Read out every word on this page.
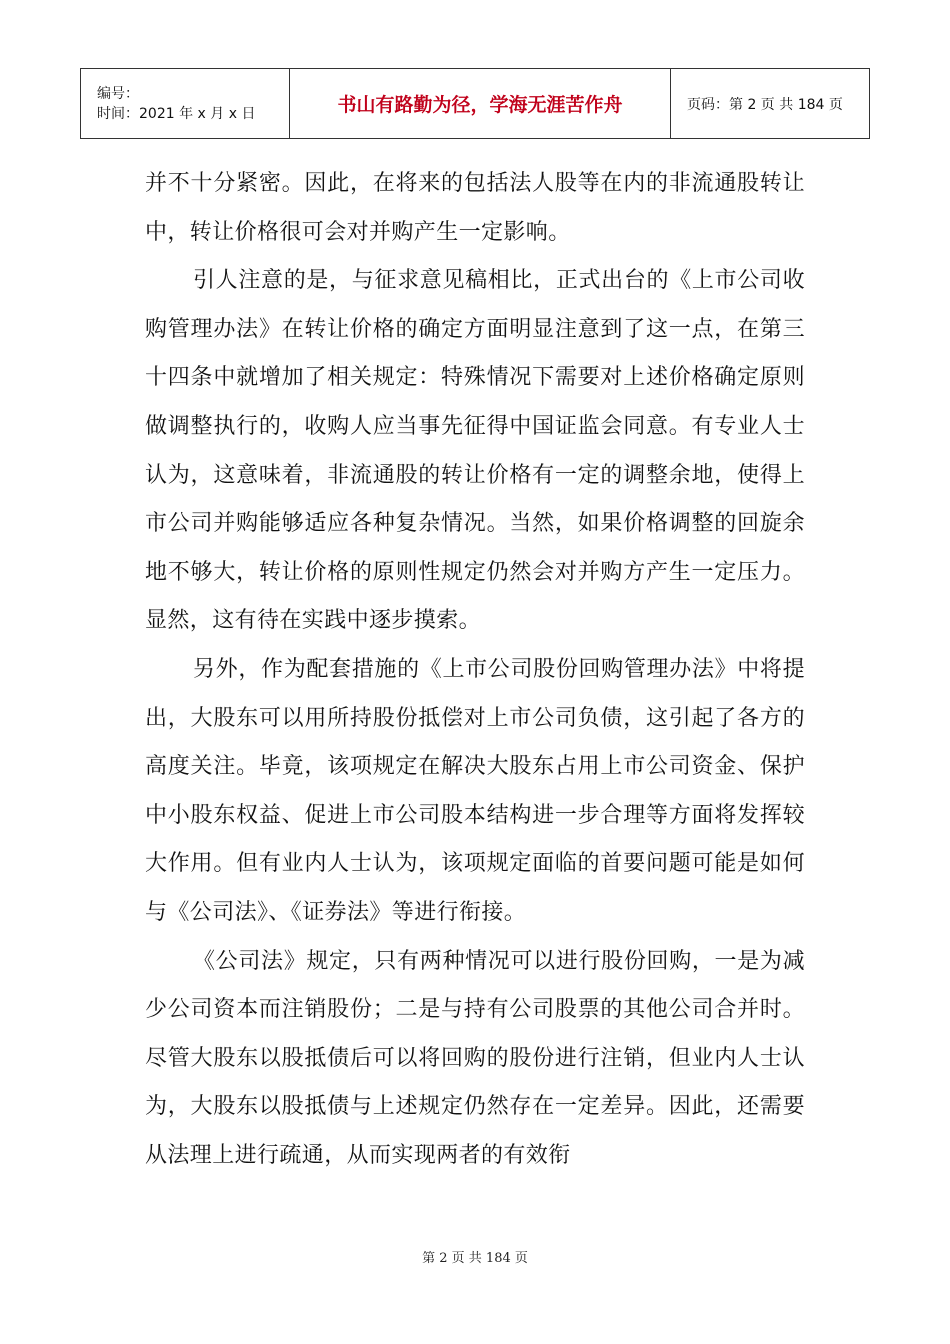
编号：
时间：2021 年 x 月 x 日	书山有路勤为径，学海无涯苦作舟	页码：第 2 页 共 184 页

并不十分紧密。因此，在将来的包括法人股等在内的非流通股转让中，转让价格很可会对并购产生一定影响。

引人注意的是，与征求意见稿相比，正式出台的《上市公司收购管理办法》在转让价格的确定方面明显注意到了这一点，在第三十四条中就增加了相关规定：特殊情况下需要对上述价格确定原则做调整执行的，收购人应当事先征得中国证监会同意。有专业人士认为，这意味着，非流通股的转让价格有一定的调整余地，使得上市公司并购能够适应各种复杂情况。当然，如果价格调整的回旋余地不够大，转让价格的原则性规定仍然会对并购方产生一定压力。显然，这有待在实践中逐步摸索。

另外，作为配套措施的《上市公司股份回购管理办法》中将提出，大股东可以用所持股份抵偿对上市公司负债，这引起了各方的高度关注。毕竟，该项规定在解决大股东占用上市公司资金、保护中小股东权益、促进上市公司股本结构进一步合理等方面将发挥较大作用。但有业内人士认为，该项规定面临的首要问题可能是如何与《公司法》、《证券法》等进行衔接。

《公司法》规定，只有两种情况可以进行股份回购，一是为减少公司资本而注销股份；二是与持有公司股票的其他公司合并时。尽管大股东以股抵债后可以将回购的股份进行注销，但业内人士认为，大股东以股抵债与上述规定仍然存在一定差异。因此，还需要从法理上进行疏通，从而实现两者的有效衔

第 2 页 共 184 页
